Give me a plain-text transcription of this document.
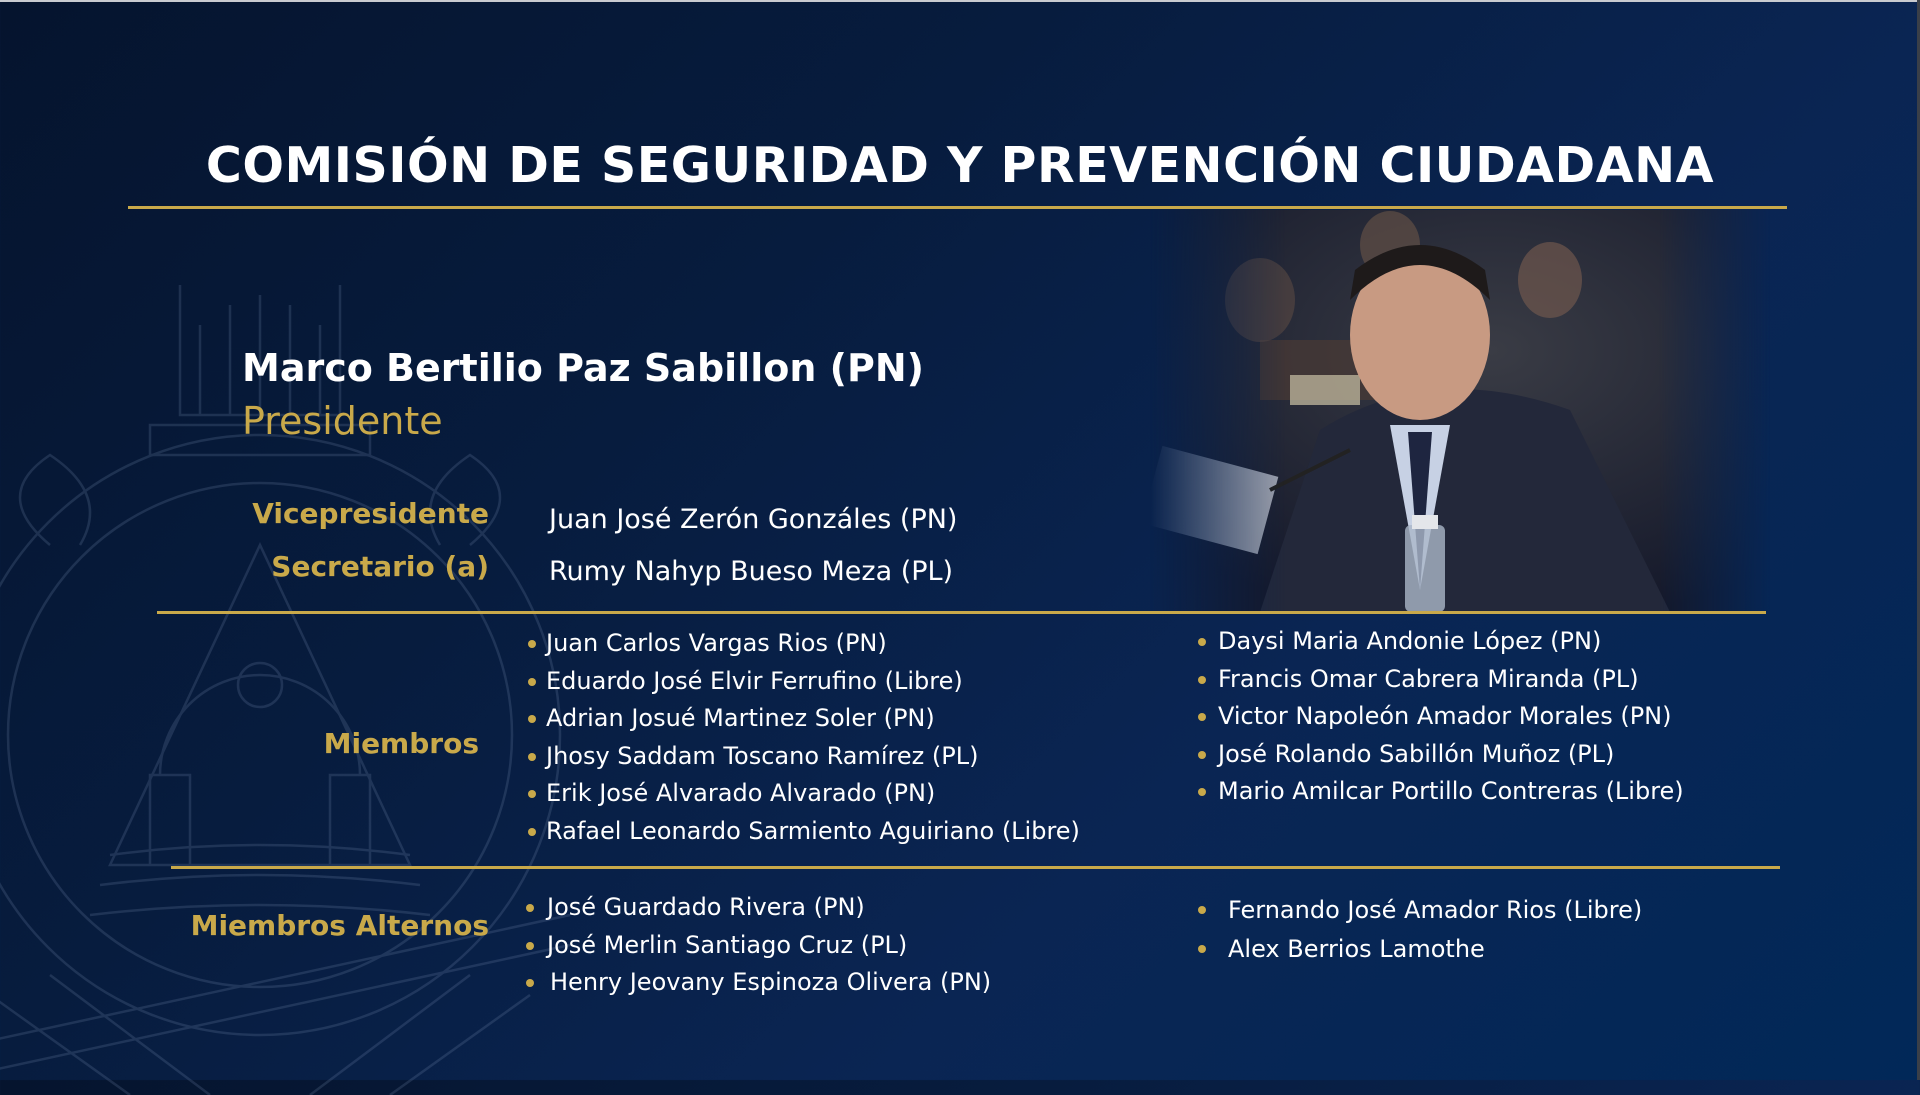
COMISIÓN DE SEGURIDAD Y PREVENCIÓN CIUDADANA
Marco Bertilio Paz Sabillon (PN)
Presidente
Vicepresidente Juan José Zerón Gonzáles (PN)
Secretario (a) Rumy Nahyp Bueso Meza (PL)
Miembros
Juan Carlos Vargas Rios (PN)
Eduardo José Elvir Ferrufino (Libre)
Adrian Josué Martinez Soler (PN)
Jhosy Saddam Toscano Ramírez (PL)
Erik José Alvarado Alvarado (PN)
Rafael Leonardo Sarmiento Aguiriano (Libre)
Daysi Maria Andonie López (PN)
Francis Omar Cabrera Miranda (PL)
Victor Napoleón Amador Morales (PN)
José Rolando Sabillón Muñoz (PL)
Mario Amilcar Portillo Contreras (Libre)
Miembros Alternos
José Guardado Rivera (PN)
José Merlin Santiago Cruz (PL)
Henry Jeovany Espinoza Olivera (PN)
Fernando José Amador Rios (Libre)
Alex Berrios Lamothe
